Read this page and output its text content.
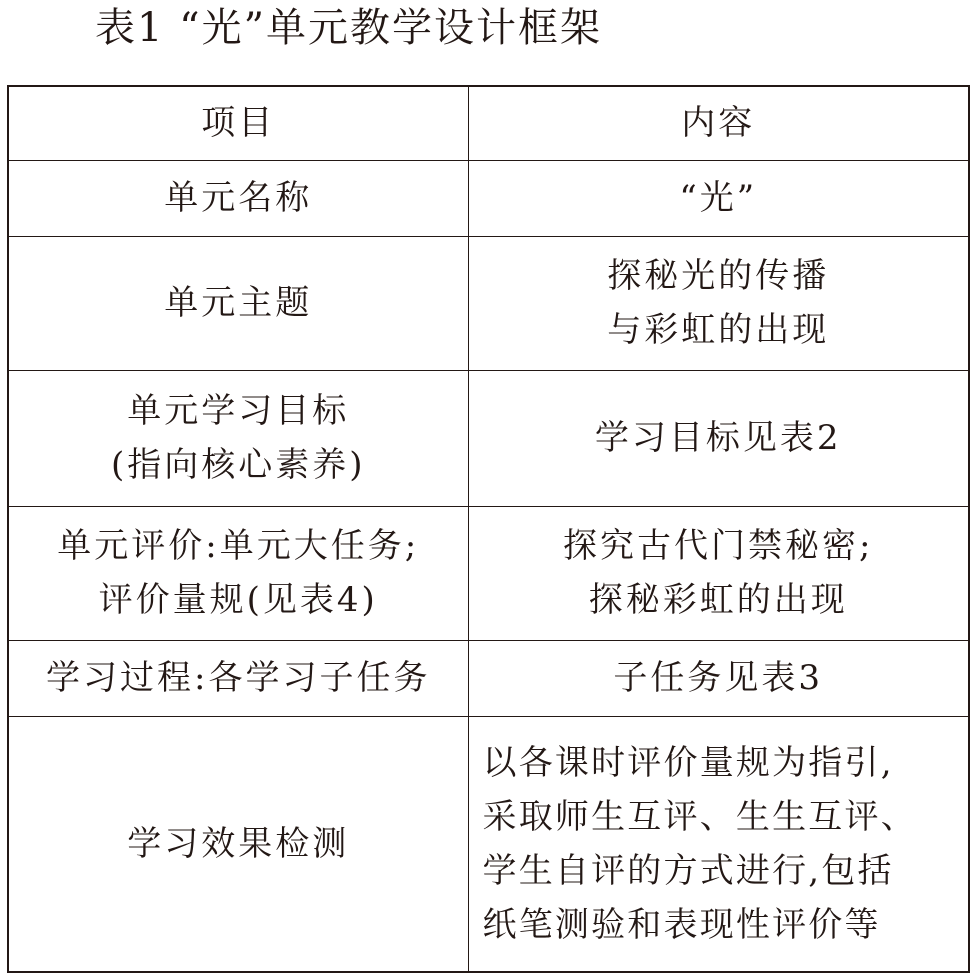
表1 “光”单元教学设计框架
项目	内容

单元名称	“光”

单元主题	探秘光的传播
与彩虹的出现

单元学习目标
(指向核心素养)	学习目标见表2

单元评价:单元大任务;
评价量规(见表4)	探究古代门禁秘密;
探秘彩虹的出现

学习过程:各学习子任务	子任务见表3

学习效果检测	以各课时评价量规为指引,
采取师生互评、生生互评、
学生自评的方式进行,包括
纸笔测验和表现性评价等
